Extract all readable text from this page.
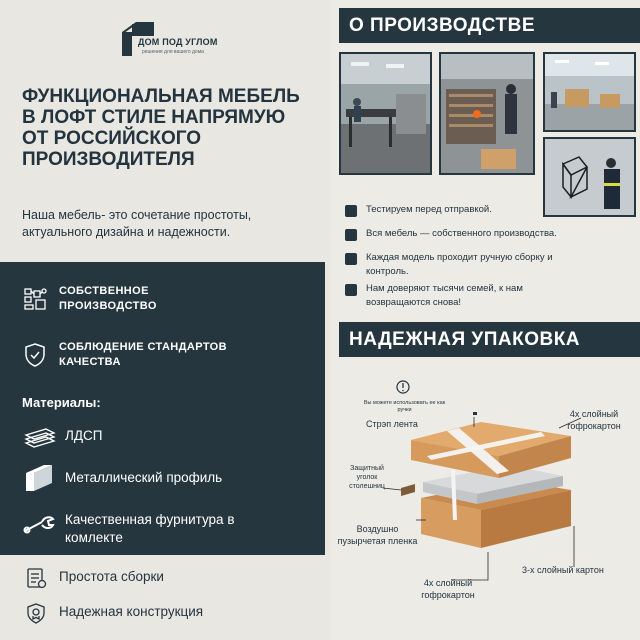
ДОМ ПОД УГЛОМ
решения для вашего дома
ФУНКЦИОНАЛЬНАЯ МЕБЕЛЬ В ЛОФТ СТИЛЕ НАПРЯМУЮ ОТ РОССИЙСКОГО ПРОИЗВОДИТЕЛЯ
Наша мебель- это сочетание простоты, актуального дизайна и надежности.
СОБСТВЕННОЕ ПРОИЗВОДСТВО
СОБЛЮДЕНИЕ СТАНДАРТОВ КАЧЕСТВА
Материалы:
ЛДСП
Металлический профиль
Качественная фурнитура в комлекте
Простота сборки
Надежная конструкция
О ПРОИЗВОДСТВЕ
Тестируем перед отправкой.
Вся мебель — собственного производства.
Каждая модель проходит ручную сборку и контроль.
Нам доверяют тысячи семей, к нам возвращаются снова!
НАДЕЖНАЯ УПАКОВКА
Вы можете использовать ее как ручки
Стрэп лента
4х слойный гофрокартон
Защитный уголок столешниц
Воздушно пузырчетая пленка
4х слойный гофрокартон
3-х слойный картон
